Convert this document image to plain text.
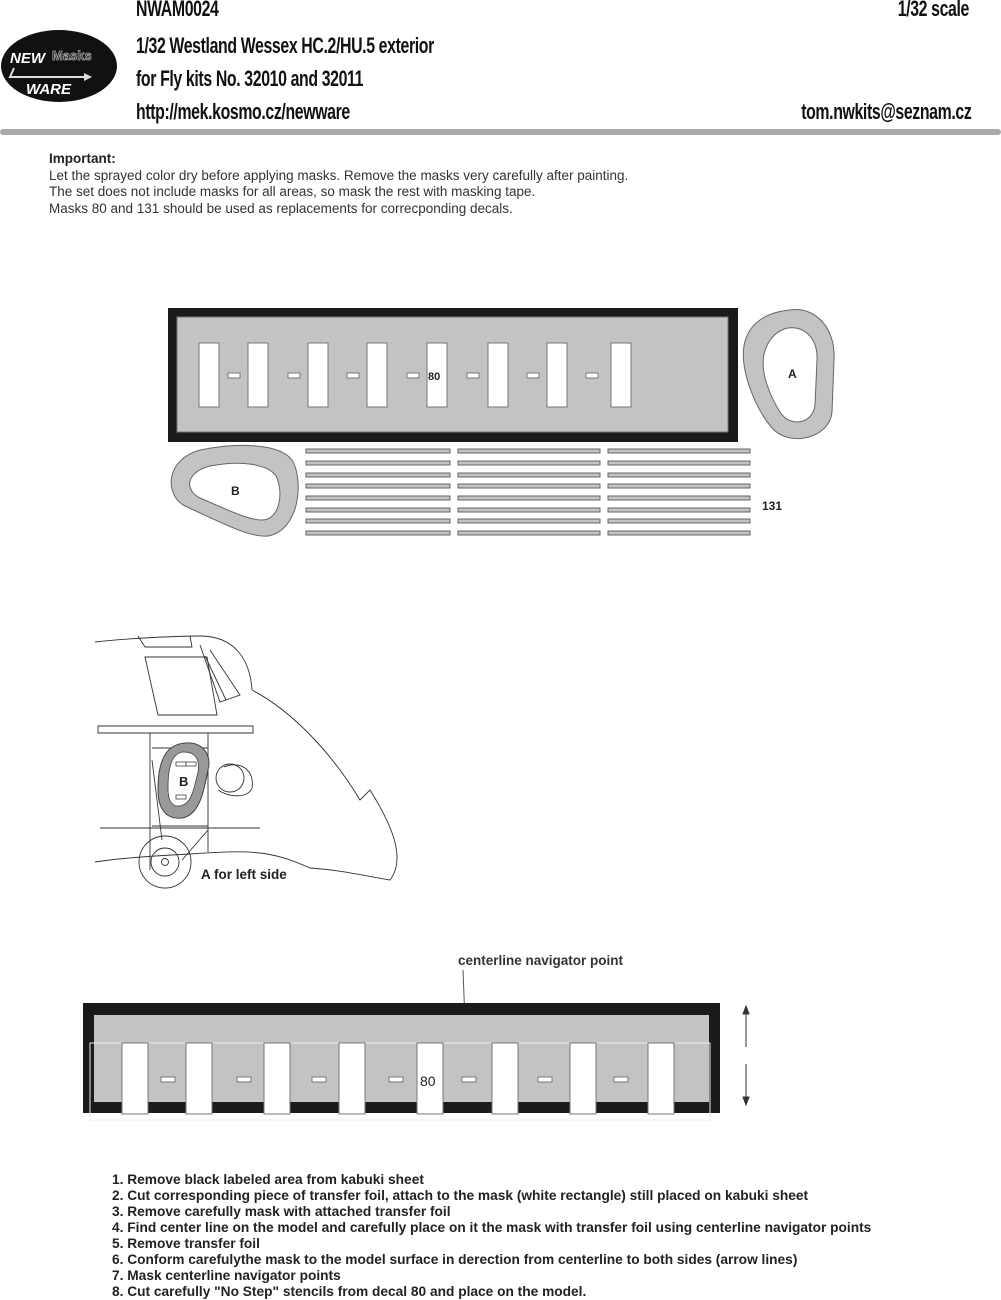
NEW Masks
WARE
NWAM0024
1/32 Westland Wessex HC.2/HU.5 exterior
for Fly kits No. 32010 and 32011
http://mek.kosmo.cz/newware
1/32 scale
tom.nwkits@seznam.cz
Important:
Let the sprayed color dry before applying masks. Remove the masks very carefully after painting.
The set does not include masks for all areas, so mask the rest with masking tape.
Masks 80 and 131 should be used as replacements for correcponding decals.
80	A
B
131
B
A for left side
centerline navigator point
80
1. Remove black labeled area from kabuki sheet
2. Cut corresponding piece of transfer foil, attach to the mask (white rectangle) still placed on kabuki sheet
3. Remove carefully mask with attached transfer foil
4. Find center line on the model and carefully place on it the mask with transfer foil using centerline navigator points
5. Remove transfer foil
6. Conform carefulythe mask to the model surface in derection from centerline to both sides (arrow lines)
7. Mask centerline navigator points
8. Cut carefully "No Step" stencils from decal 80 and place on the model.
